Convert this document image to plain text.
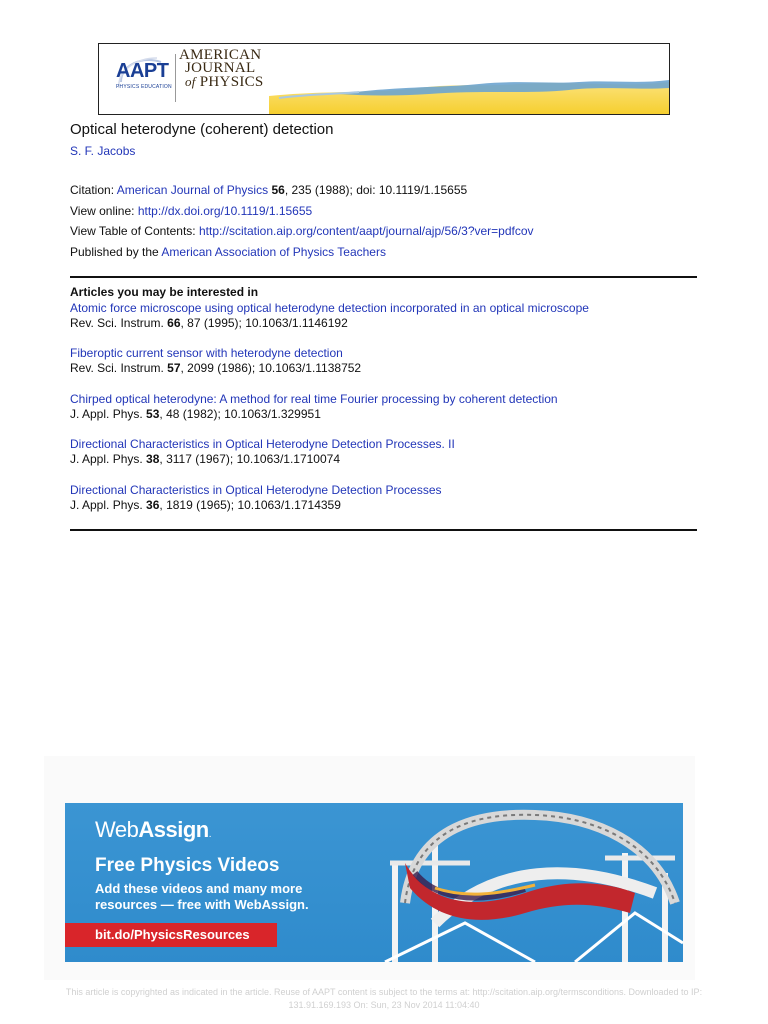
AAPT
PHYSICS EDUCATION
AMERICAN
JOURNAL
of PHYSICS
Optical heterodyne (coherent) detection
S. F. Jacobs
Citation: American Journal of Physics 56, 235 (1988); doi: 10.1119/1.15655
View online: http://dx.doi.org/10.1119/1.15655
View Table of Contents: http://scitation.aip.org/content/aapt/journal/ajp/56/3?ver=pdfcov
Published by the American Association of Physics Teachers
Articles you may be interested in
Atomic force microscope using optical heterodyne detection incorporated in an optical microscope
Rev. Sci. Instrum. 66, 87 (1995); 10.1063/1.1146192
Fiberoptic current sensor with heterodyne detection
Rev. Sci. Instrum. 57, 2099 (1986); 10.1063/1.1138752
Chirped optical heterodyne: A method for real time Fourier processing by coherent detection
J. Appl. Phys. 53, 48 (1982); 10.1063/1.329951
Directional Characteristics in Optical Heterodyne Detection Processes. II
J. Appl. Phys. 38, 3117 (1967); 10.1063/1.1710074
Directional Characteristics in Optical Heterodyne Detection Processes
J. Appl. Phys. 36, 1819 (1965); 10.1063/1.1714359
WebAssign.
Free Physics Videos
Add these videos and many more
resources — free with WebAssign.
bit.do/PhysicsResources
This article is copyrighted as indicated in the article. Reuse of AAPT content is subject to the terms at: http://scitation.aip.org/termsconditions. Downloaded to IP:
131.91.169.193 On: Sun, 23 Nov 2014 11:04:40
